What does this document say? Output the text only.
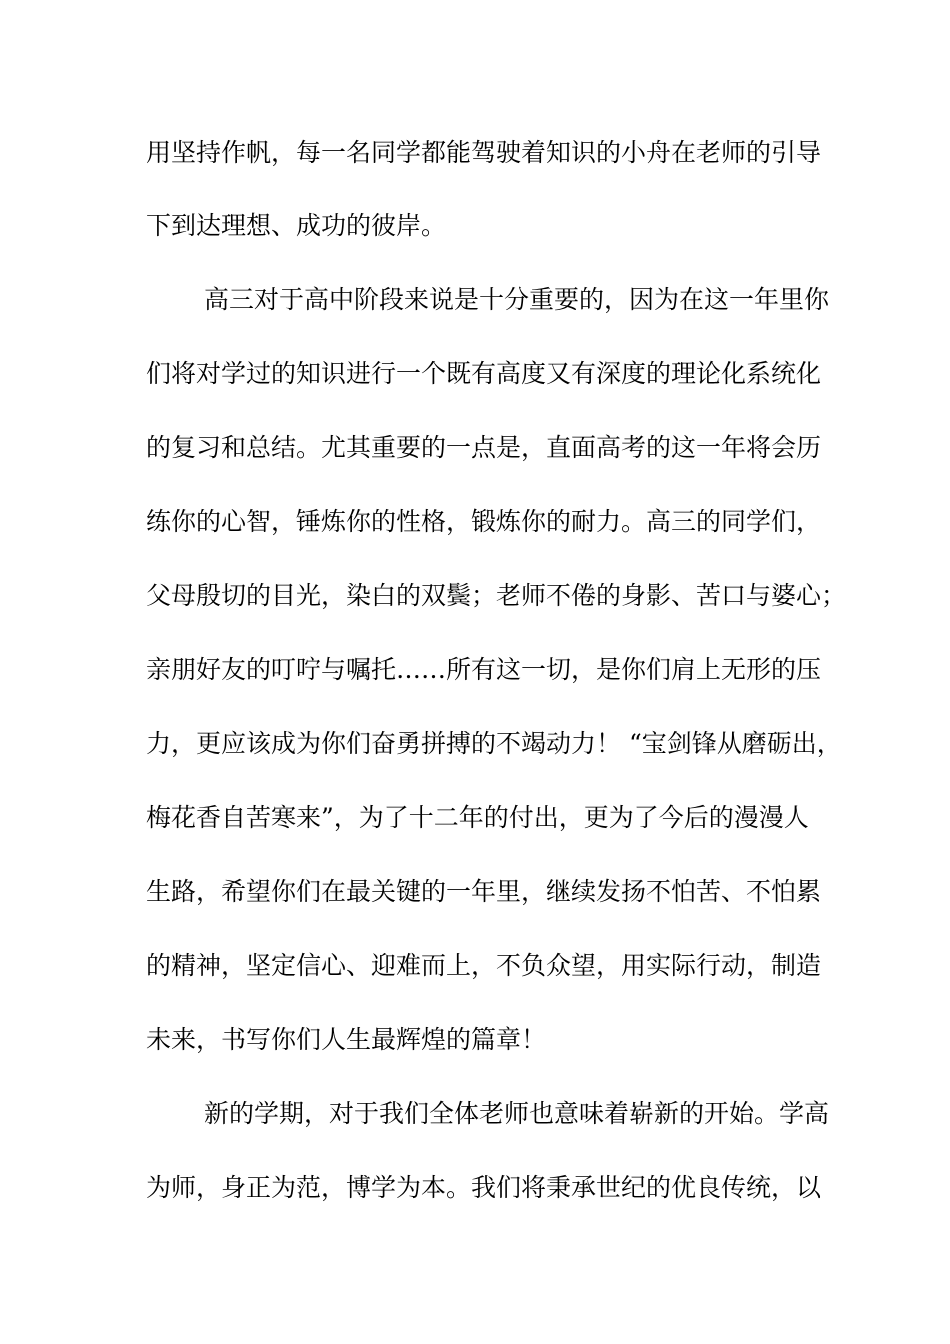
用坚持作帆，每一名同学都能驾驶着知识的小舟在老师的引导
下到达理想、成功的彼岸。
高三对于高中阶段来说是十分重要的，因为在这一年里你
们将对学过的知识进行一个既有高度又有深度的理论化系统化
的复习和总结。尤其重要的一点是，直面高考的这一年将会历
练你的心智，锤炼你的性格，锻炼你的耐力。高三的同学们，
父母殷切的目光，染白的双鬓；老师不倦的身影、苦口与婆心；
亲朋好友的叮咛与嘱托……所有这一切，是你们肩上无形的压
力，更应该成为你们奋勇拼搏的不竭动力！ “宝剑锋从磨砺出，
梅花香自苦寒来”，为了十二年的付出，更为了今后的漫漫人
生路，希望你们在最关键的一年里，继续发扬不怕苦、不怕累
的精神，坚定信心、迎难而上，不负众望，用实际行动，制造
未来，书写你们人生最辉煌的篇章！
新的学期，对于我们全体老师也意味着崭新的开始。学高
为师，身正为范，博学为本。我们将秉承世纪的优良传统，以
